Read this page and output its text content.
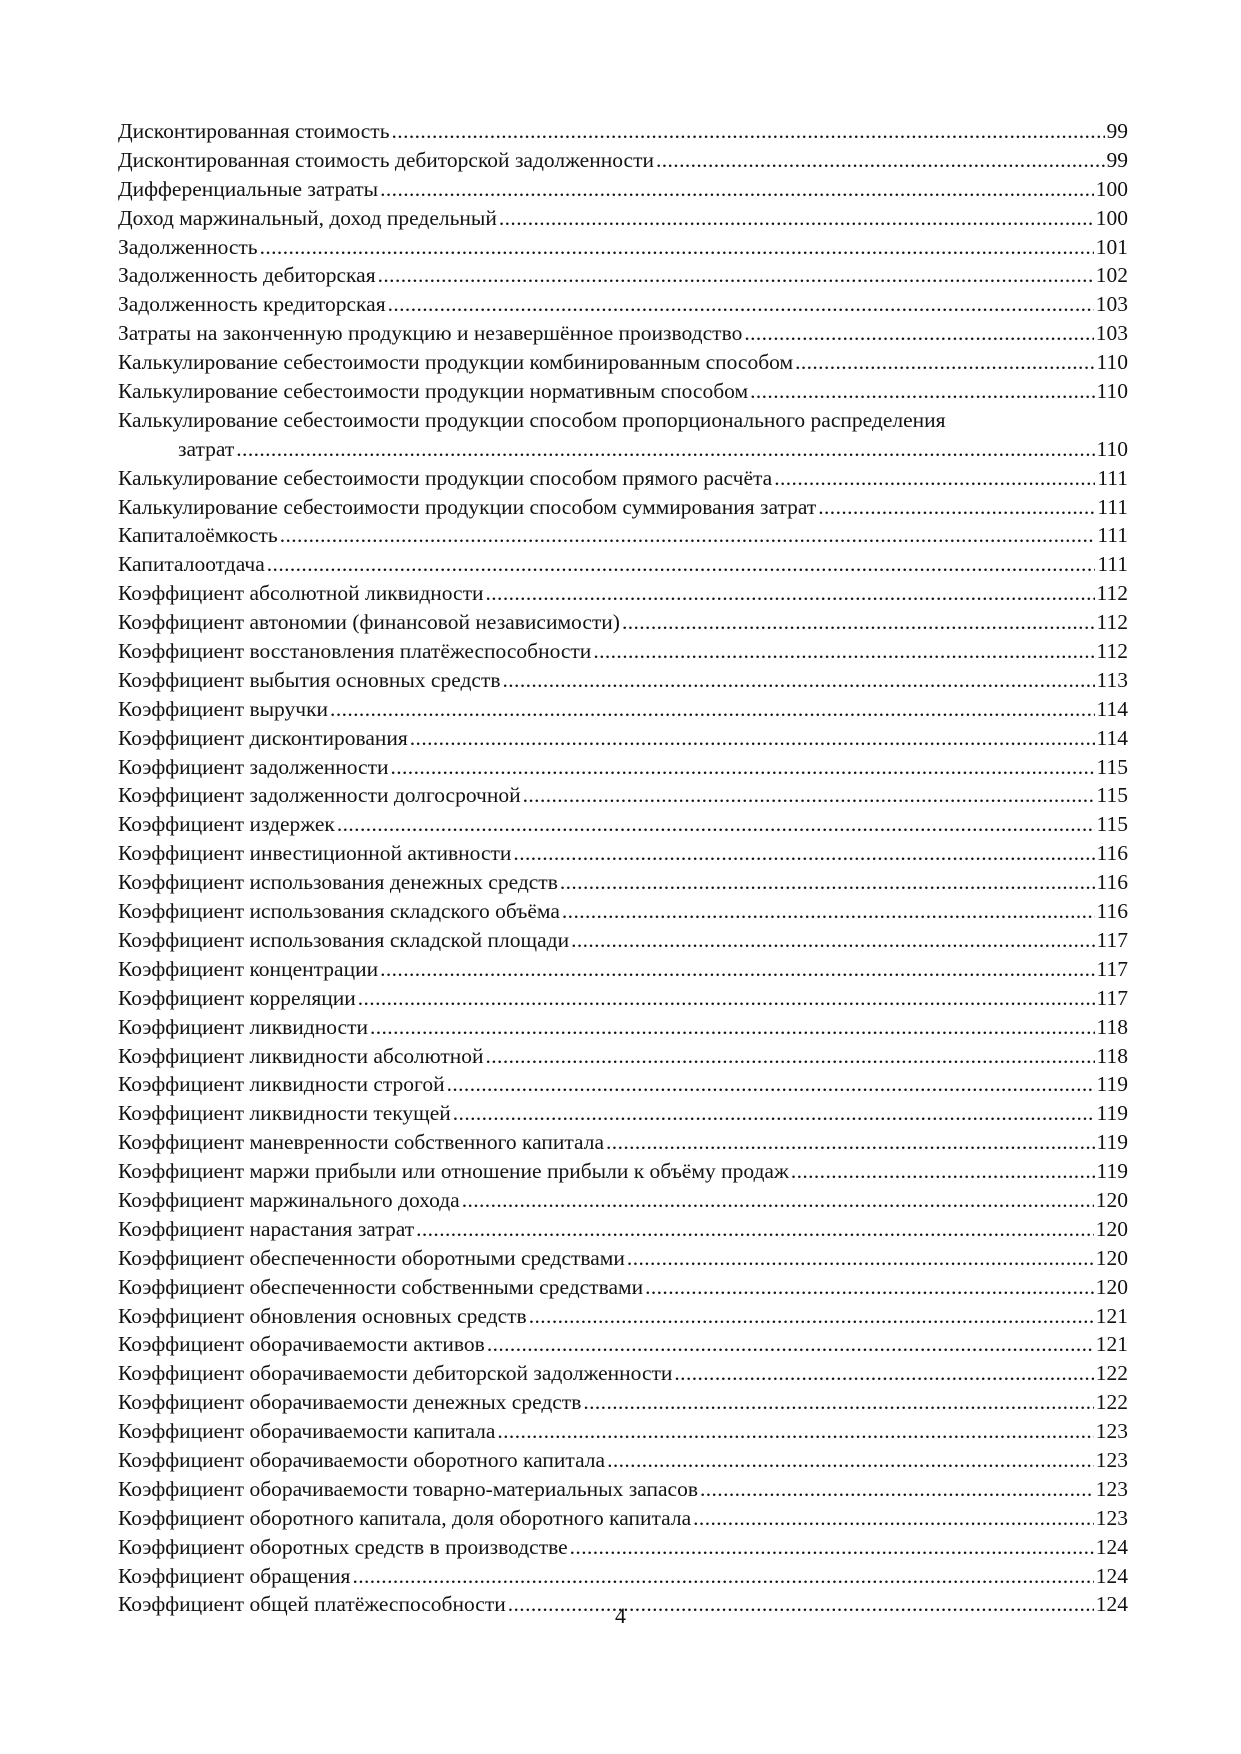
Дисконтированная стоимость .....	99
Дисконтированная стоимость дебиторской задолженности .....	99
Дифференциальные затраты .....	100
Доход маржинальный, доход предельный .....	100
Задолженность .....	101
Задолженность дебиторская .....	102
Задолженность кредиторская .....	103
Затраты на законченную продукцию и незавершённое производство .....	103
Калькулирование себестоимости продукции комбинированным способом .....	110
Калькулирование себестоимости продукции нормативным способом .....	110
Калькулирование себестоимости продукции способом пропорционального распределения
затрат .....	110
Калькулирование себестоимости продукции способом прямого расчёта .....	111
Калькулирование себестоимости продукции способом суммирования затрат .....	111
Капиталоёмкость .....	111
Капиталоотдача .....	111
Коэффициент абсолютной ликвидности .....	112
Коэффициент автономии (финансовой независимости) .....	112
Коэффициент восстановления платёжеспособности .....	112
Коэффициент выбытия основных средств .....	113
Коэффициент выручки .....	114
Коэффициент дисконтирования .....	114
Коэффициент задолженности .....	115
Коэффициент задолженности долгосрочной .....	115
Коэффициент издержек .....	115
Коэффициент инвестиционной активности .....	116
Коэффициент использования денежных средств .....	116
Коэффициент использования складского объёма .....	116
Коэффициент использования складской площади .....	117
Коэффициент концентрации .....	117
Коэффициент корреляции .....	117
Коэффициент ликвидности .....	118
Коэффициент ликвидности абсолютной .....	118
Коэффициент ликвидности строгой .....	119
Коэффициент ликвидности текущей .....	119
Коэффициент маневренности собственного капитала .....	119
Коэффициент маржи прибыли или отношение прибыли к объёму продаж .....	119
Коэффициент маржинального дохода .....	120
Коэффициент нарастания затрат .....	120
Коэффициент обеспеченности оборотными средствами .....	120
Коэффициент обеспеченности собственными средствами .....	120
Коэффициент обновления основных средств .....	121
Коэффициент оборачиваемости активов .....	121
Коэффициент оборачиваемости дебиторской задолженности .....	122
Коэффициент оборачиваемости денежных средств .....	122
Коэффициент оборачиваемости капитала .....	123
Коэффициент оборачиваемости оборотного капитала .....	123
Коэффициент оборачиваемости товарно-материальных запасов .....	123
Коэффициент оборотного капитала, доля оборотного капитала .....	123
Коэффициент оборотных средств в производстве .....	124
Коэффициент обращения .....	124
Коэффициент общей платёжеспособности .....	124
4
